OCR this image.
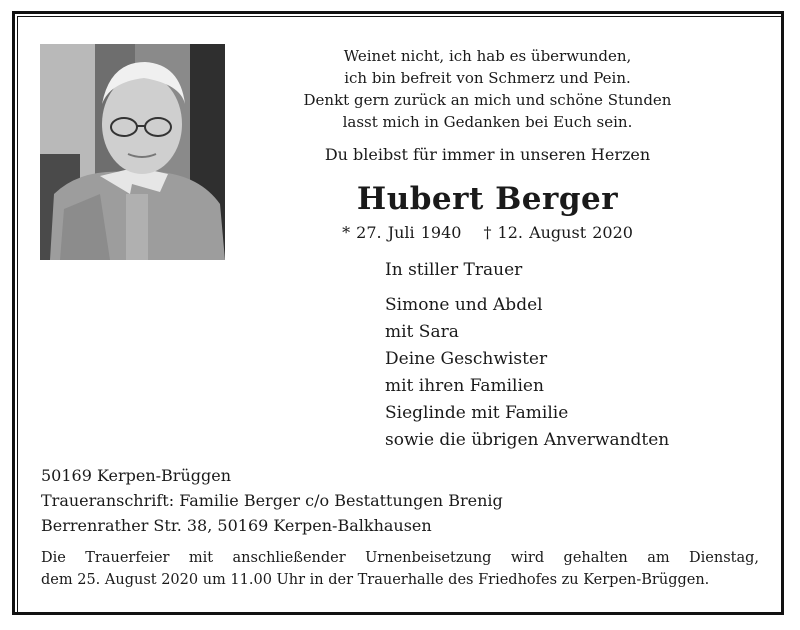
Weinet nicht, ich hab es überwunden,
ich bin befreit von Schmerz und Pein.
Denkt gern zurück an mich und schöne Stunden
lasst mich in Gedanken bei Euch sein.
Du bleibst für immer in unseren Herzen
Hubert Berger
* 27. Juli 1940 † 12. August 2020
In stiller Trauer
Simone und Abdel
mit Sara
Deine Geschwister
mit ihren Familien
Sieglinde mit Familie
sowie die übrigen Anverwandten
50169 Kerpen-Brüggen
Traueranschrift: Familie Berger c/o Bestattungen Brenig
Berrenrather Str. 38, 50169 Kerpen-Balkhausen
Die Trauerfeier mit anschließender Urnenbeisetzung wird gehalten am Dienstag,
dem 25. August 2020 um 11.00 Uhr in der Trauerhalle des Friedhofes zu Kerpen-Brüggen.
